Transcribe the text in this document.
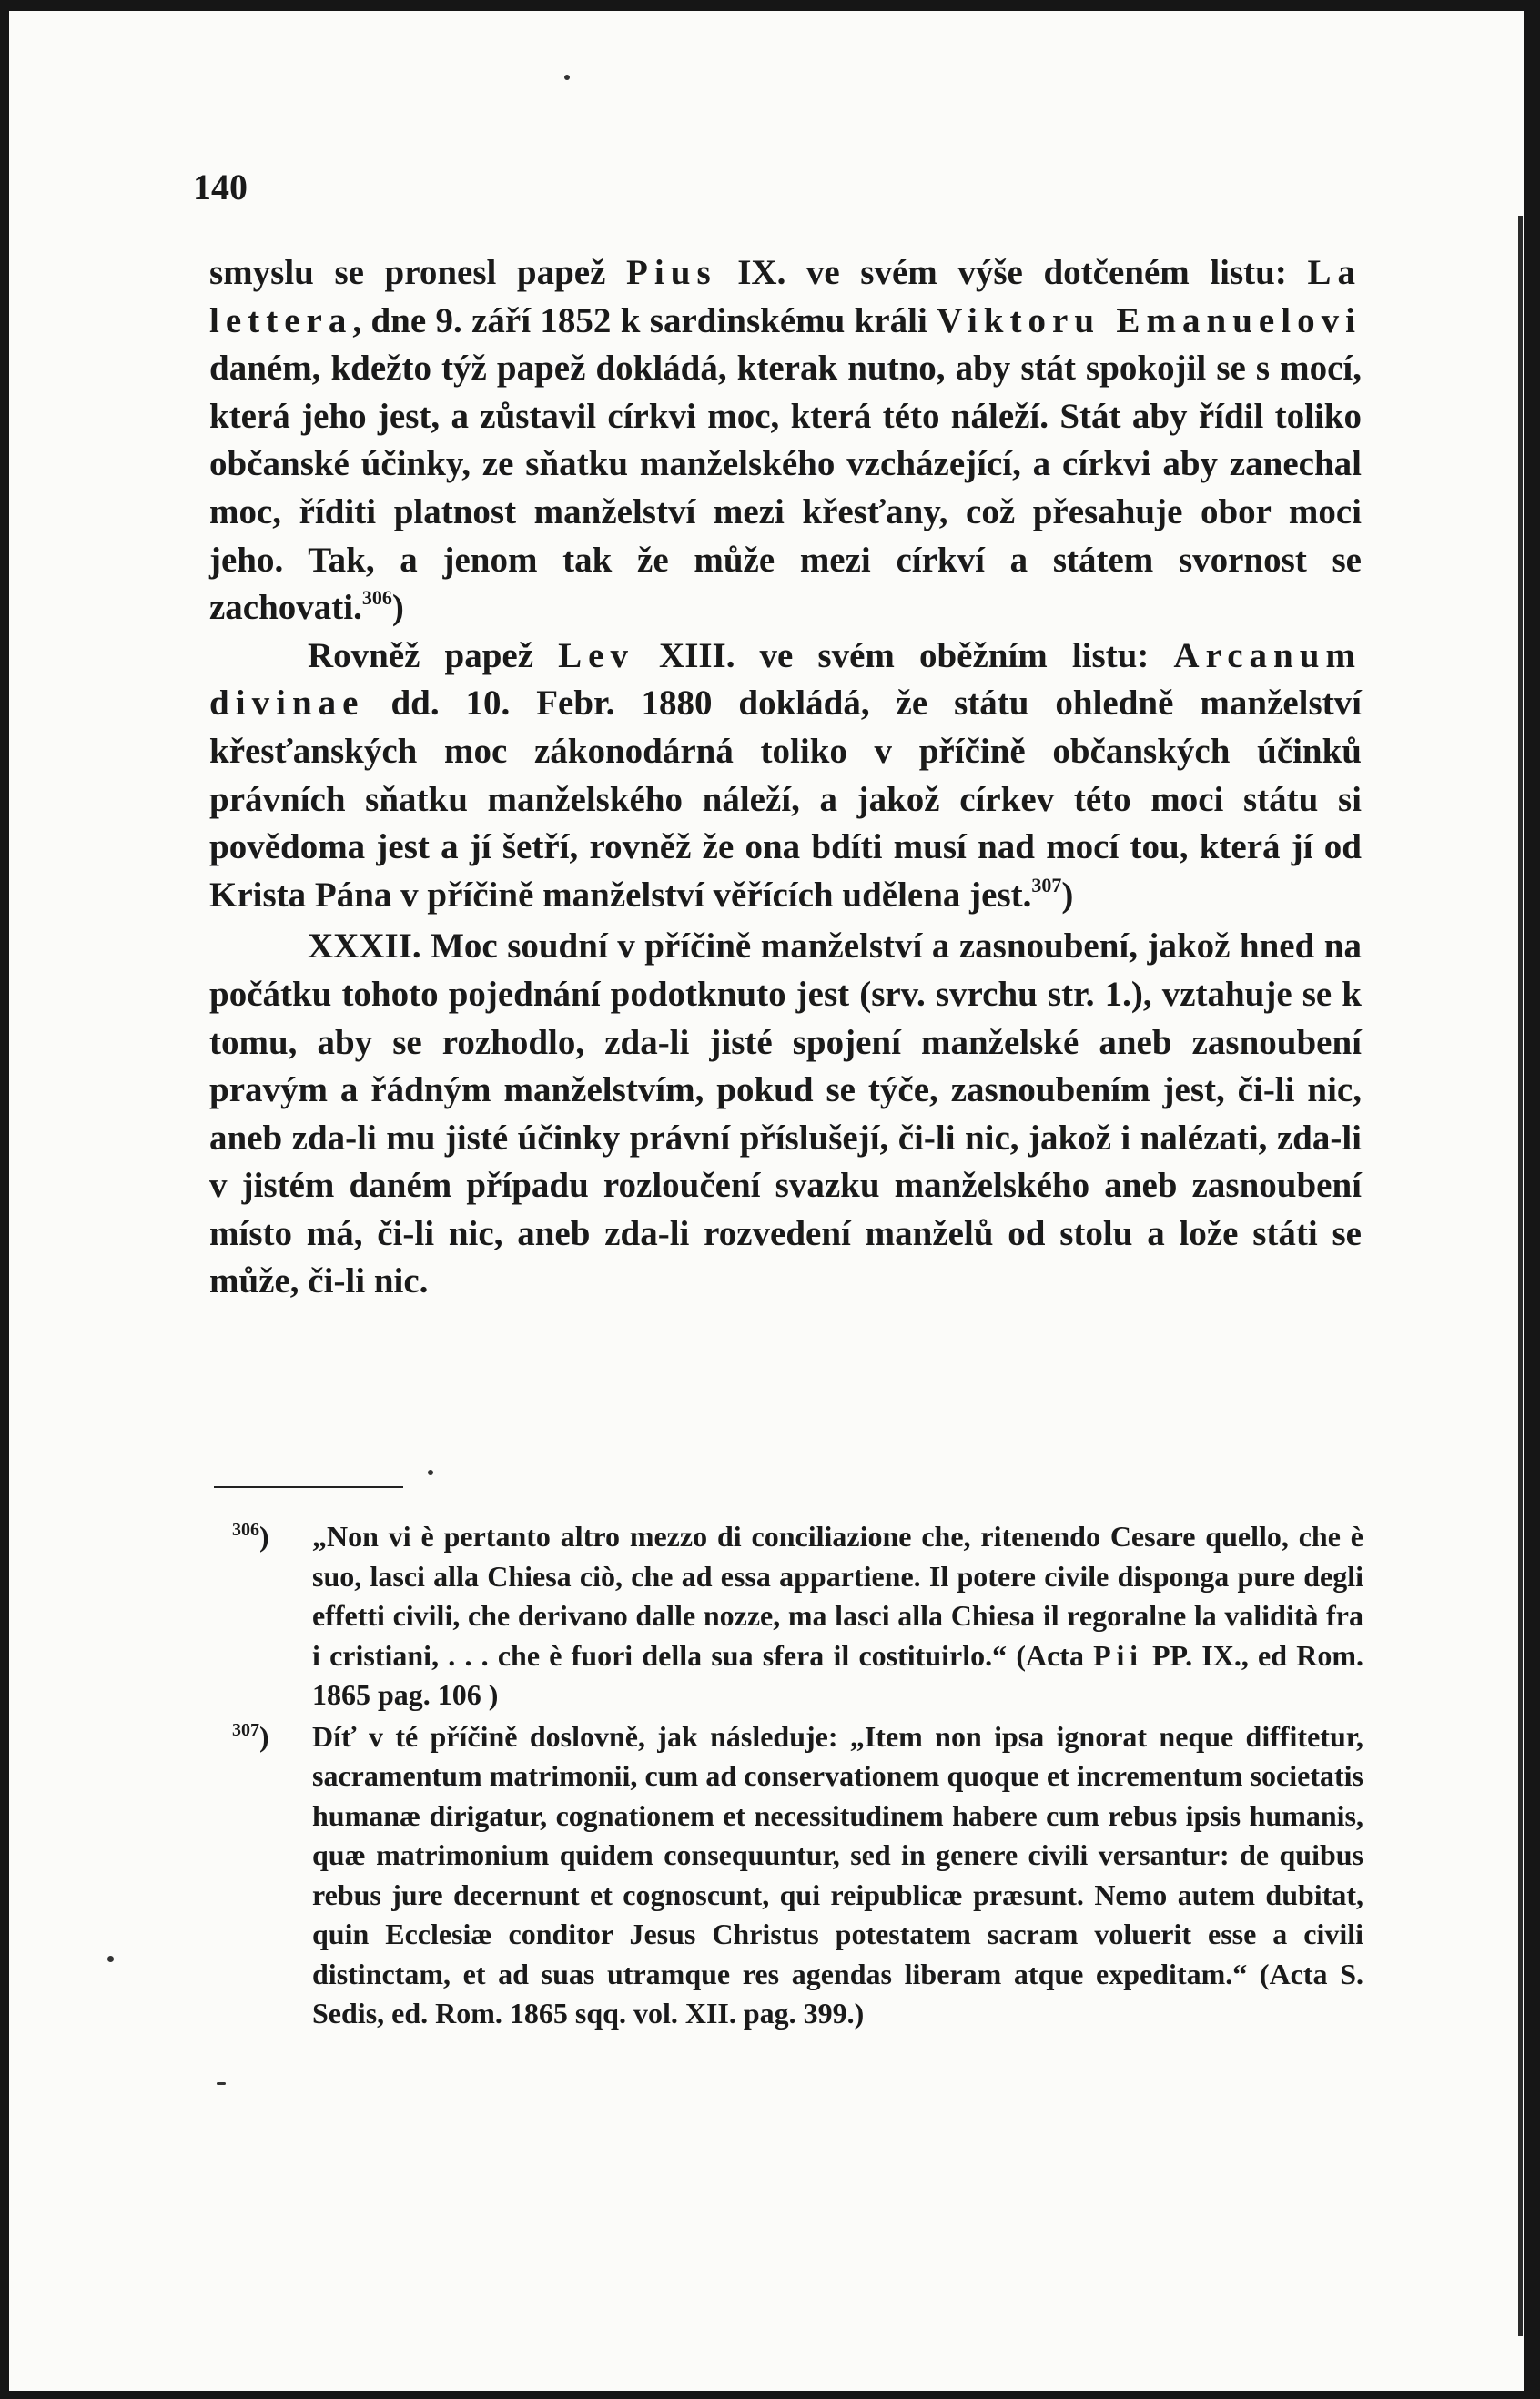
140

smyslu se pronesl papež Pius IX. ve svém výše dotčeném listu: La lettera, dne 9. září 1852 k sardinskému králi Viktoru Emanuelovi daném, kdežto týž papež dokládá, kterak nutno, aby stát spokojil se s mocí, která jeho jest, a zůstavil církvi moc, která této náleží. Stát aby řídil toliko občanské účinky, ze sňatku manželského vzcházející, a církvi aby zanechal moc, říditi platnost manželství mezi křesťany, což přesahuje obor moci jeho. Tak, a jenom tak že může mezi církví a státem svornost se zachovati.$^{306}$)

Rovněž papež Lev XIII. ve svém oběžním listu: Arcanum divinae dd. 10. Febr. 1880 dokládá, že státu ohledně manželství křesťanských moc zákonodárná toliko v příčině občanských účinků právních sňatku manželského náleží, a jakož církev této moci státu si povědoma jest a jí šetří, rovněž že ona bdíti musí nad mocí tou, která jí od Krista Pána v příčině manželství věřících udělena jest.$^{307}$)

XXXII. Moc soudní v příčině manželství a zasnoubení, jakož hned na počátku tohoto pojednání podotknuto jest (srv. svrchu str. 1.), vztahuje se k tomu, aby se rozhodlo, zda-li jisté spojení manželské aneb zasnoubení pravým a řádným manželstvím, pokud se týče, zasnoubením jest, či-li nic, aneb zda-li mu jisté účinky právní příslušejí, či-li nic, jakož i nalézati, zda-li v jistém daném případu rozloučení svazku manželského aneb zasnoubení místo má, či-li nic, aneb zda-li rozvedení manželů od stolu a lože státi se může, či-li nic.

$^{306}$)	„Non vi è pertanto altro mezzo di conciliazione che, ritenendo Cesare quello, che è suo, lasci alla Chiesa ciò, che ad essa appartiene. Il potere civile disponga pure degli effetti civili, che derivano dalle nozze, ma lasci alla Chiesa il regoralne la validità fra i cristiani, . . . che è fuori della sua sfera il costituirlo.“ (Acta Pii PP. IX., ed Rom. 1865 pag. 106 )
$^{307}$)	Díť v té příčině doslovně, jak následuje: „Item non ipsa ignorat neque diffitetur, sacramentum matrimonii, cum ad conservationem quoque et incrementum societatis humanæ dirigatur, cognationem et necessitudinem habere cum rebus ipsis humanis, quæ matrimonium quidem consequuntur, sed in genere civili versantur: de quibus rebus jure decernunt et cognoscunt, qui reipublicæ præsunt. Nemo autem dubitat, quin Ecclesiæ conditor Jesus Christus potestatem sacram voluerit esse a civili distinctam, et ad suas utramque res agendas liberam atque expeditam.“ (Acta S. Sedis, ed. Rom. 1865 sqq. vol. XII. pag. 399.)
